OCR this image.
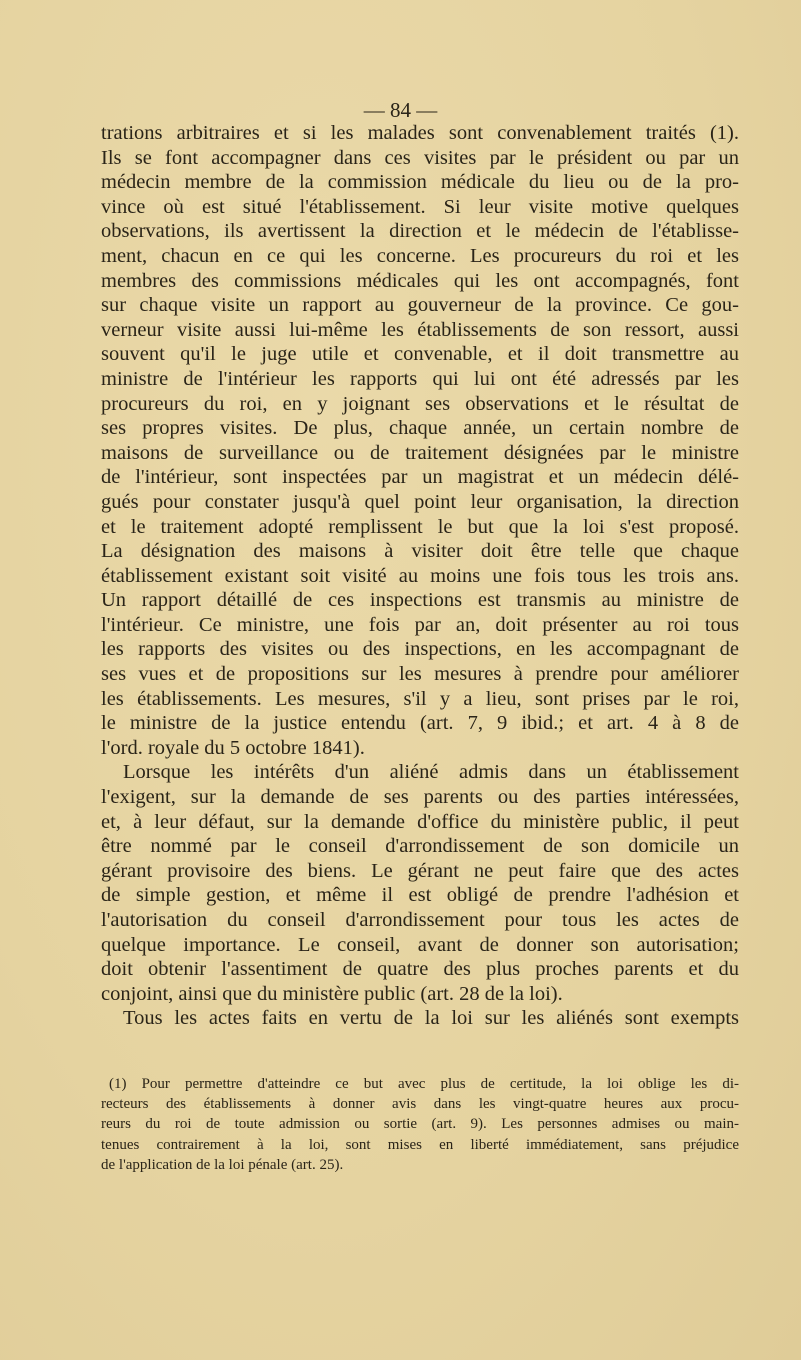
— 84 —
trations arbitraires et si les malades sont convenablement traités (1).
Ils se font accompagner dans ces visites par le président ou par un
médecin membre de la commission médicale du lieu ou de la pro-
vince où est situé l'établissement. Si leur visite motive quelques
observations, ils avertissent la direction et le médecin de l'établisse-
ment, chacun en ce qui les concerne. Les procureurs du roi et les
membres des commissions médicales qui les ont accompagnés, font
sur chaque visite un rapport au gouverneur de la province. Ce gou-
verneur visite aussi lui-même les établissements de son ressort, aussi
souvent qu'il le juge utile et convenable, et il doit transmettre au
ministre de l'intérieur les rapports qui lui ont été adressés par les
procureurs du roi, en y joignant ses observations et le résultat de
ses propres visites. De plus, chaque année, un certain nombre de
maisons de surveillance ou de traitement désignées par le ministre
de l'intérieur, sont inspectées par un magistrat et un médecin délé-
gués pour constater jusqu'à quel point leur organisation, la direction
et le traitement adopté remplissent le but que la loi s'est proposé.
La désignation des maisons à visiter doit être telle que chaque
établissement existant soit visité au moins une fois tous les trois ans.
Un rapport détaillé de ces inspections est transmis au ministre de
l'intérieur. Ce ministre, une fois par an, doit présenter au roi tous
les rapports des visites ou des inspections, en les accompagnant de
ses vues et de propositions sur les mesures à prendre pour améliorer
les établissements. Les mesures, s'il y a lieu, sont prises par le roi,
le ministre de la justice entendu (art. 7, 9 ibid.; et art. 4 à 8 de
l'ord. royale du 5 octobre 1841).
Lorsque les intérêts d'un aliéné admis dans un établissement
l'exigent, sur la demande de ses parents ou des parties intéressées,
et, à leur défaut, sur la demande d'office du ministère public, il peut
être nommé par le conseil d'arrondissement de son domicile un
gérant provisoire des biens. Le gérant ne peut faire que des actes
de simple gestion, et même il est obligé de prendre l'adhésion et
l'autorisation du conseil d'arrondissement pour tous les actes de
quelque importance. Le conseil, avant de donner son autorisation;
doit obtenir l'assentiment de quatre des plus proches parents et du
conjoint, ainsi que du ministère public (art. 28 de la loi).
Tous les actes faits en vertu de la loi sur les aliénés sont exempts
(1) Pour permettre d'atteindre ce but avec plus de certitude, la loi oblige les di-
recteurs des établissements à donner avis dans les vingt-quatre heures aux procu-
reurs du roi de toute admission ou sortie (art. 9). Les personnes admises ou main-
tenues contrairement à la loi, sont mises en liberté immédiatement, sans préjudice
de l'application de la loi pénale (art. 25).
